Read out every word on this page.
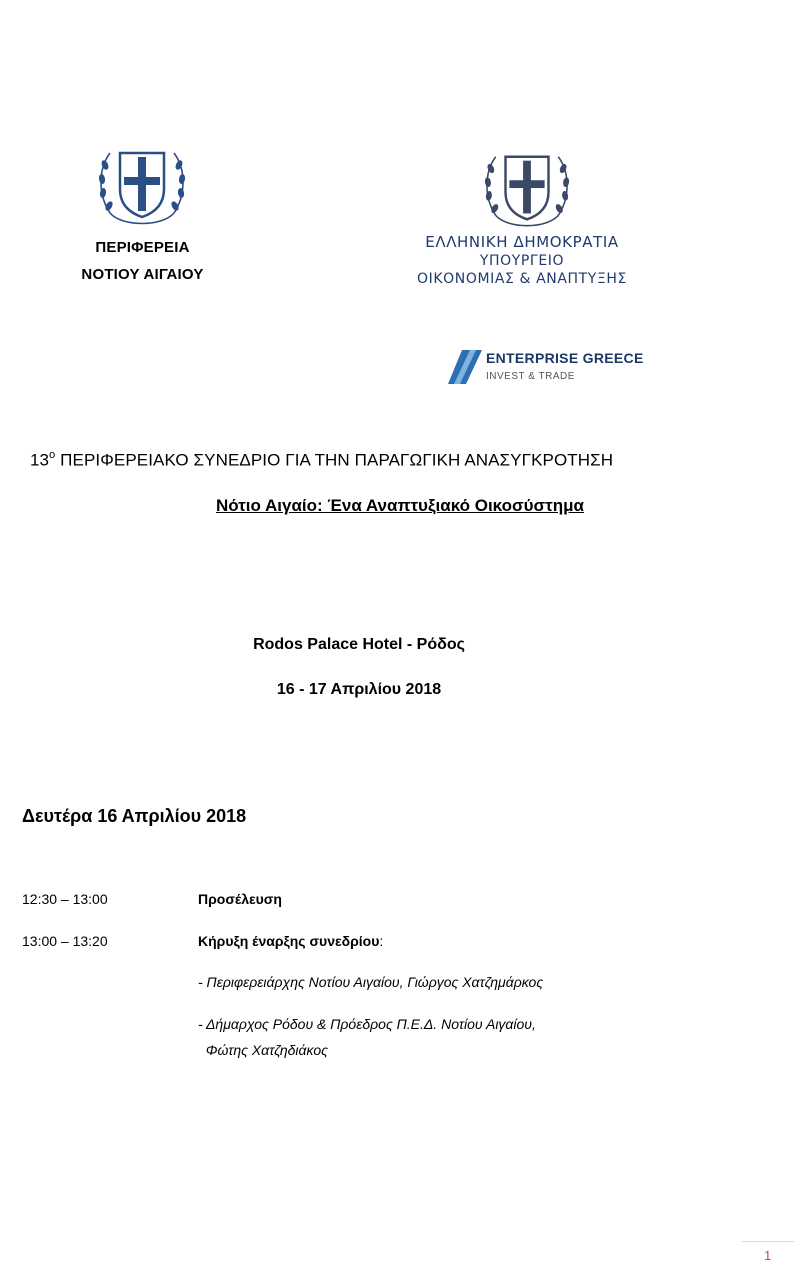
ΠΕΡΙΦΕΡΕΙΑ
ΝΟΤΙΟΥ ΑΙΓΑΙΟΥ
ΕΛΛΗΝΙΚΗ ΔΗΜΟΚΡΑΤΙΑ
ΥΠΟΥΡΓΕΙΟ
ΟΙΚΟΝΟΜΙΑΣ & ΑΝΑΠΤΥΞΗΣ
ENTERPRISE GREECE
INVEST & TRADE
$13^o$ ΠΕΡΙΦΕΡΕΙΑΚΟ ΣΥΝΕΔΡΙΟ ΓΙΑ ΤΗΝ ΠΑΡΑΓΩΓΙΚΗ ΑΝΑΣΥΓΚΡΟΤΗΣΗ
Νότιο Αιγαίο: Ένα Αναπτυξιακό Οικοσύστημα
Rodos Palace Hotel - Ρόδος
16 - 17 Απριλίου 2018
Δευτέρα 16 Απριλίου 2018
12:30 – 13:00	Προσέλευση
13:00 – 13:20	Κήρυξη έναρξης συνεδρίου:
- Περιφερειάρχης Νοτίου Αιγαίου, Γιώργος Χατζημάρκος
- Δήμαρχος Ρόδου & Πρόεδρος Π.Ε.Δ. Νοτίου Αιγαίου,
Φώτης Χατζηδιάκος
1
